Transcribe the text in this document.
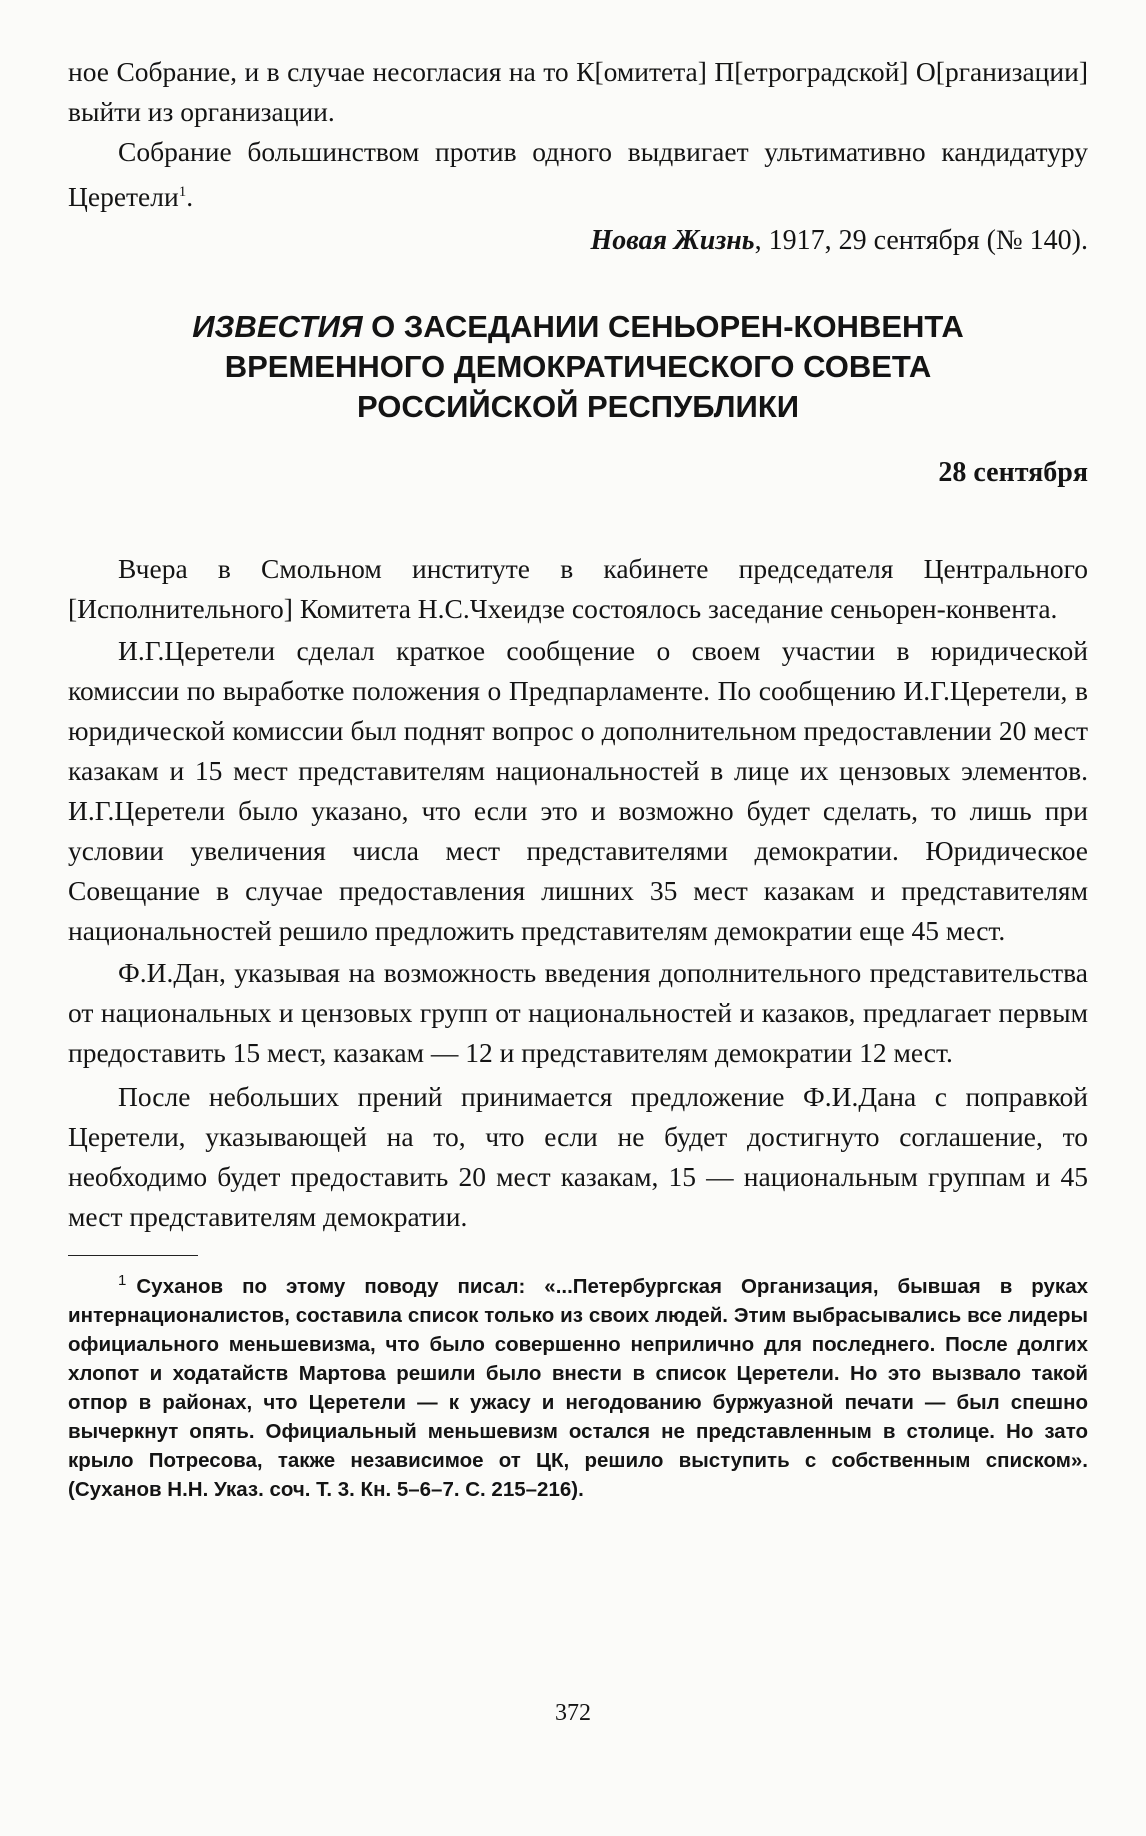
ное Собрание, и в случае несогласия на то К[омитета] П[етроградской] О[рганизации] выйти из организации.

Собрание большинством против одного выдвигает ультимативно кандидатуру Церетели$^1$.

Новая Жизнь, 1917, 29 сентября (№ 140).

ИЗВЕСТИЯ О ЗАСЕДАНИИ СЕНЬОРЕН-КОНВЕНТА
ВРЕМЕННОГО ДЕМОКРАТИЧЕСКОГО СОВЕТА
РОССИЙСКОЙ РЕСПУБЛИКИ
28 сентября

Вчера в Смольном институте в кабинете председателя Центрального [Исполнительного] Комитета Н.С.Чхеидзе состоялось заседание сеньорен-конвента.

И.Г.Церетели сделал краткое сообщение о своем участии в юридической комиссии по выработке положения о Предпарламенте. По сообщению И.Г.Церетели, в юридической комиссии был поднят вопрос о дополнительном предоставлении 20 мест казакам и 15 мест представителям национальностей в лице их цензовых элементов. И.Г.Церетели было указано, что если это и возможно будет сделать, то лишь при условии увеличения числа мест представителями демократии. Юридическое Совещание в случае предоставления лишних 35 мест казакам и представителям национальностей решило предложить представителям демократии еще 45 мест.

Ф.И.Дан, указывая на возможность введения дополнительного представительства от национальных и цензовых групп от национальностей и казаков, предлагает первым предоставить 15 мест, казакам — 12 и представителям демократии 12 мест.

После небольших прений принимается предложение Ф.И.Дана с поправкой Церетели, указывающей на то, что если не будет достигнуто соглашение, то необходимо будет предоставить 20 мест казакам, 15 — национальным группам и 45 мест представителям демократии.

$^1$ Суханов по этому поводу писал: «...Петербургская Организация, бывшая в руках интернационалистов, составила список только из своих людей. Этим выбрасывались все лидеры официального меньшевизма, что было совершенно неприлично для последнего. После долгих хлопот и ходатайств Мартова решили было внести в список Церетели. Но это вызвало такой отпор в районах, что Церетели — к ужасу и негодованию буржуазной печати — был спешно вычеркнут опять. Официальный меньшевизм остался не представленным в столице. Но зато крыло Потресова, также независимое от ЦК, решило выступить с собственным списком». (Суханов Н.Н. Указ. соч. Т. 3. Кн. 5–6–7. С. 215–216).

372
